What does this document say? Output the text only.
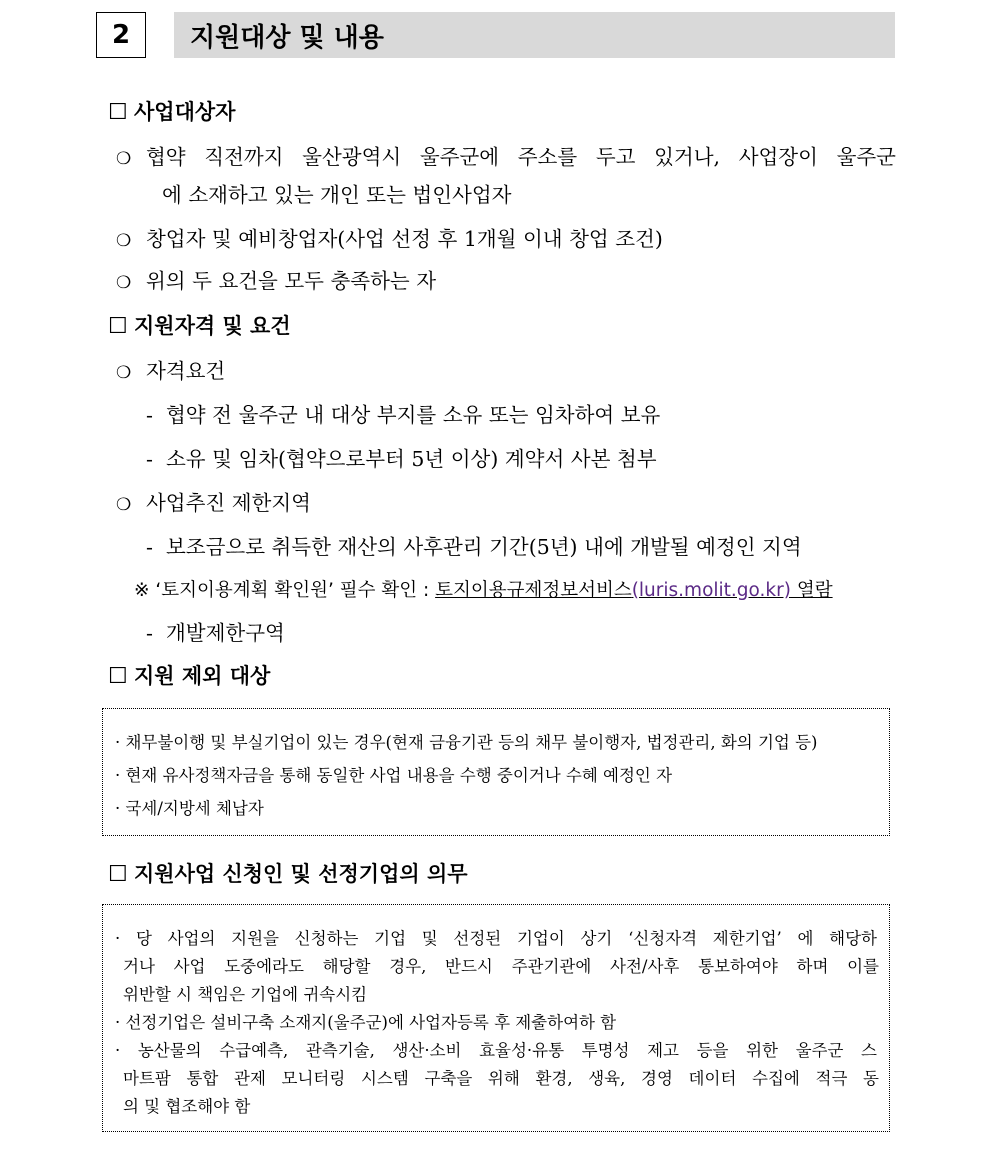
2	지원대상 및 내용
☐ 사업대상자
❍ 협약 직전까지 울산광역시 울주군에 주소를 두고 있거나, 사업장이 울주군
에 소재하고 있는 개인 또는 법인사업자
❍ 창업자 및 예비창업자(사업 선정 후 1개월 이내 창업 조건)
❍ 위의 두 요건을 모두 충족하는 자
☐ 지원자격 및 요건
❍ 자격요건
- 협약 전 울주군 내 대상 부지를 소유 또는 임차하여 보유
- 소유 및 임차(협약으로부터 5년 이상) 계약서 사본 첨부
❍ 사업추진 제한지역
- 보조금으로 취득한 재산의 사후관리 기간(5년) 내에 개발될 예정인 지역
※ ‘토지이용계획 확인원’ 필수 확인 : 토지이용규제정보서비스(luris.molit.go.kr) 열람
- 개발제한구역
☐ 지원 제외 대상
· 채무불이행 및 부실기업이 있는 경우(현재 금융기관 등의 채무 불이행자, 법정관리, 화의 기업 등)
· 현재 유사정책자금을 통해 동일한 사업 내용을 수행 중이거나 수혜 예정인 자
· 국세/지방세 체납자
☐ 지원사업 신청인 및 선정기업의 의무
· 당 사업의 지원을 신청하는 기업 및 선정된 기업이 상기 ‘신청자격 제한기업’ 에 해당하
거나 사업 도중에라도 해당할 경우, 반드시 주관기관에 사전/사후 통보하여야 하며 이를
위반할 시 책임은 기업에 귀속시킴
· 선정기업은 설비구축 소재지(울주군)에 사업자등록 후 제출하여하 함
· 농산물의 수급예측, 관측기술, 생산·소비 효율성·유통 투명성 제고 등을 위한 울주군 스
마트팜 통합 관제 모니터링 시스템 구축을 위해 환경, 생육, 경영 데이터 수집에 적극 동
의 및 협조해야 함
